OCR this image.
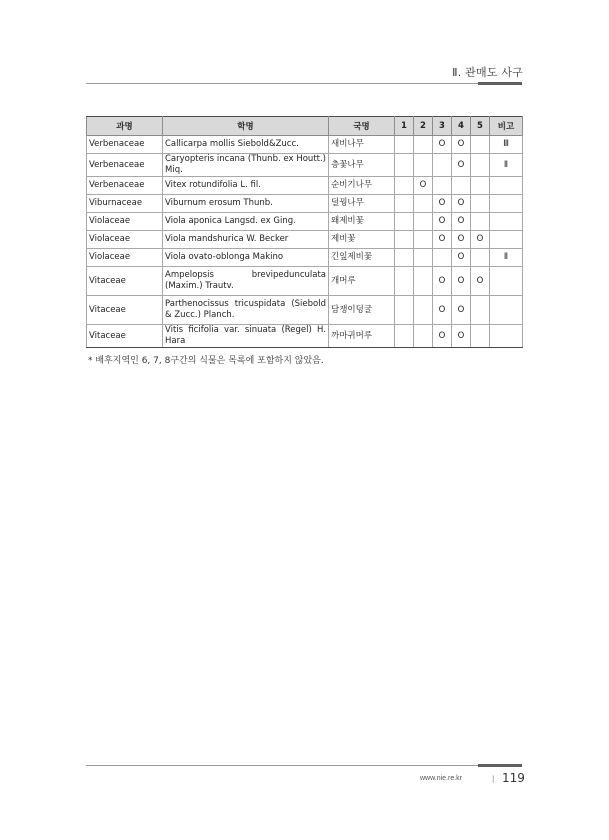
Ⅱ. 관매도 사구
과명	학명	국명	1	2	3	4	5	비고
Verbenaceae	Callicarpa mollis Siebold&Zucc.	새비나무			O	O		Ⅲ
Verbenaceae	Caryopteris incana (Thunb. ex Houtt.) Miq.	층꽃나무				O		Ⅱ
Verbenaceae	Vitex rotundifolia L. fil.	순비기나무		O				
Viburnaceae	Viburnum erosum Thunb.	덜꿩나무			O	O		
Violaceae	Viola aponica Langsd. ex Ging.	왜제비꽃			O	O		
Violaceae	Viola mandshurica W. Becker	제비꽃			O	O	O	
Violaceae	Viola ovato-oblonga Makino	긴잎제비꽃				O		Ⅱ
Vitaceae	Ampelopsis brevipedunculata (Maxim.) Trautv.	개머루			O	O	O	
Vitaceae	Parthenocissus tricuspidata (Siebold & Zucc.) Planch.	담쟁이덩굴			O	O		
Vitaceae	Vitis ficifolia var. sinuata (Regel) H. Hara	까마귀머루			O	O		
* 배후지역인 6, 7, 8구간의 식물은 목록에 포함하지 않았음.
www.nie.re.kr	| 119
